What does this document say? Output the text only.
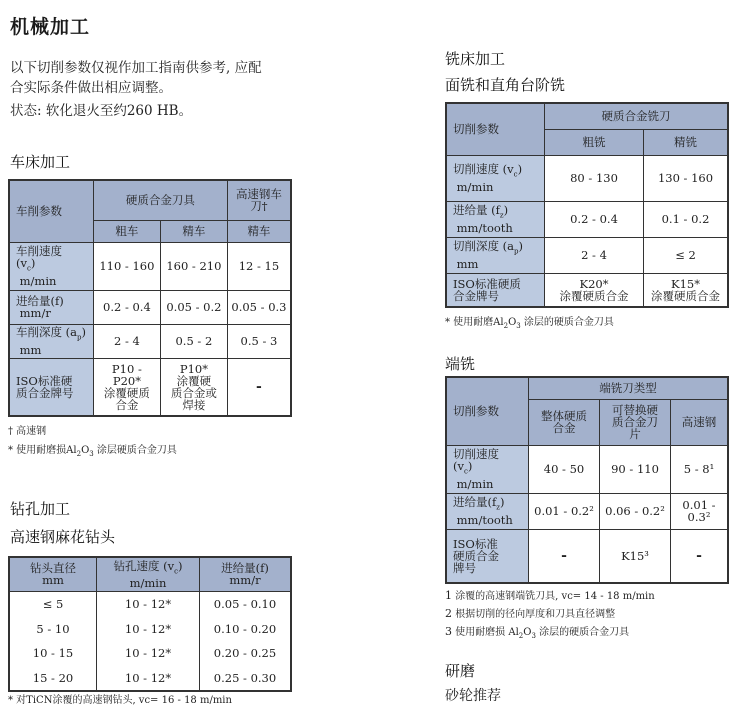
机械加工
以下切削参数仅视作加工指南供参考, 应配
合实际条件做出相应调整。
状态: 软化退火至约260 HB。
车床加工
车削参数	硬质合金刀具		高速钢车刀†
	粗车	精车	精车
车削速度
$(v_c)$
m/min	110 - 160	160 - 210	12 - 15
进给量(f)
mm/r	0.2 - 0.4	0.05 - 0.2	0.05 - 0.3
车削深度 $(a_p)$
mm	2 - 4	0.5 - 2	0.5 - 3
ISO标准硬
质合金牌号	P10 -
P20*
涂覆硬质
合金	P10*
涂覆硬
质合金或
焊接	-
† 高速钢
* 使用耐磨损$Al_2O_3$ 涂层硬质合金刀具
钻孔加工
高速钢麻花钻头
钻头直径
mm	钻孔速度 $(v_c)$
m/min	进给量(f)
mm/r
≤ 5	10 - 12*	0.05 - 0.10
5 - 10	10 - 12*	0.10 - 0.20
10 - 15	10 - 12*	0.20 - 0.25
15 - 20	10 - 12*	0.25 - 0.30
* 对TiCN涂覆的高速钢钻头, vc= 16 - 18 m/min
铣床加工
面铣和直角台阶铣
切削参数	硬质合金铣刀	
	粗铣	精铣
切削速度 $(v_c)$
m/min	80 - 130	130 - 160
进给量 $(f_z)$
mm/tooth	0.2 - 0.4	0.1 - 0.2
切削深度 $(a_p)$
mm	2 - 4	≤ 2
ISO标准硬质
合金牌号	K20*
涂覆硬质合金	K15*
涂覆硬质合金
* 使用耐磨$Al_2O_3$ 涂层的硬质合金刀具
端铣
切削参数	端铣刀类型		
	整体硬质
合金	可替换硬
质合金刀
片	高速钢
切削速度
$(v_c)$
m/min	40 - 50	90 - 110	5 - 8¹
进给量$(f_z)$
mm/tooth	0.01 - 0.2²	0.06 - 0.2²	0.01 - 0.3²
ISO标准
硬质合金
牌号	-	K15³	-
1 涂覆的高速钢端铣刀具, vc= 14 - 18 m/min
2 根据切削的径向厚度和刀具直径调整
3 使用耐磨损 $Al_2O_3$ 涂层的硬质合金刀具
研磨
砂轮推荐
